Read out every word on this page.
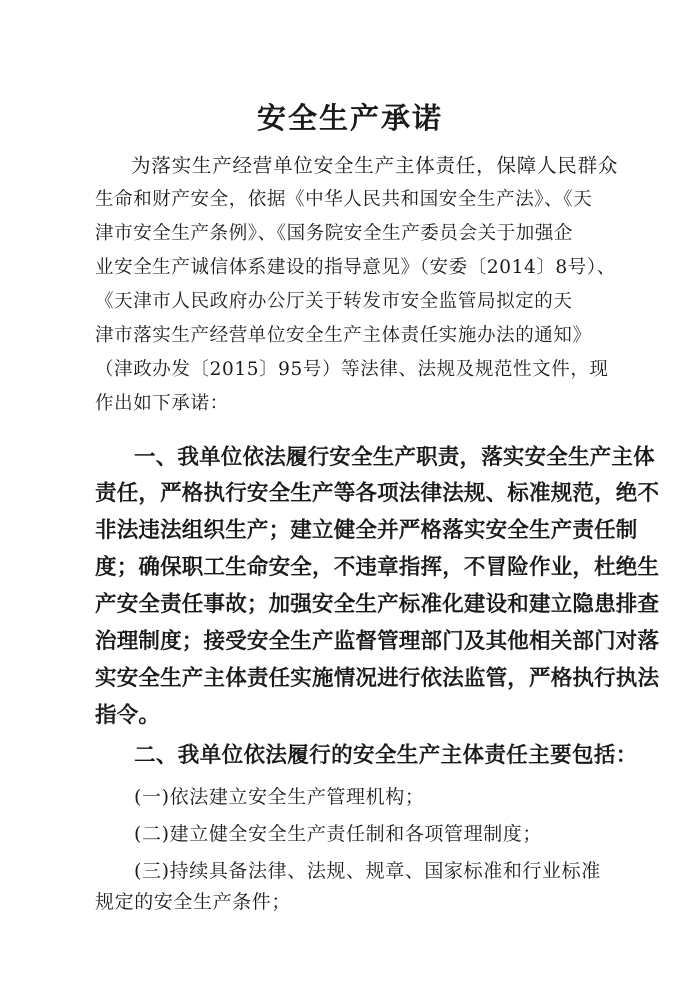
安全生产承诺
为落实生产经营单位安全生产主体责任，保障人民群众
生命和财产安全，依据《中华人民共和国安全生产法》、《天
津市安全生产条例》、《国务院安全生产委员会关于加强企
业安全生产诚信体系建设的指导意见》（安委〔2014〕8号）、
《天津市人民政府办公厅关于转发市安全监管局拟定的天
津市落实生产经营单位安全生产主体责任实施办法的通知》
（津政办发〔2015〕95号）等法律、法规及规范性文件，现
作出如下承诺：
一、我单位依法履行安全生产职责，落实安全生产主体
责任，严格执行安全生产等各项法律法规、标准规范，绝不
非法违法组织生产；建立健全并严格落实安全生产责任制
度；确保职工生命安全，不违章指挥，不冒险作业，杜绝生
产安全责任事故；加强安全生产标准化建设和建立隐患排查
治理制度；接受安全生产监督管理部门及其他相关部门对落
实安全生产主体责任实施情况进行依法监管，严格执行执法
指令。
二、我单位依法履行的安全生产主体责任主要包括：
(一)依法建立安全生产管理机构；
(二)建立健全安全生产责任制和各项管理制度；
(三)持续具备法律、法规、规章、国家标准和行业标准
规定的安全生产条件；
